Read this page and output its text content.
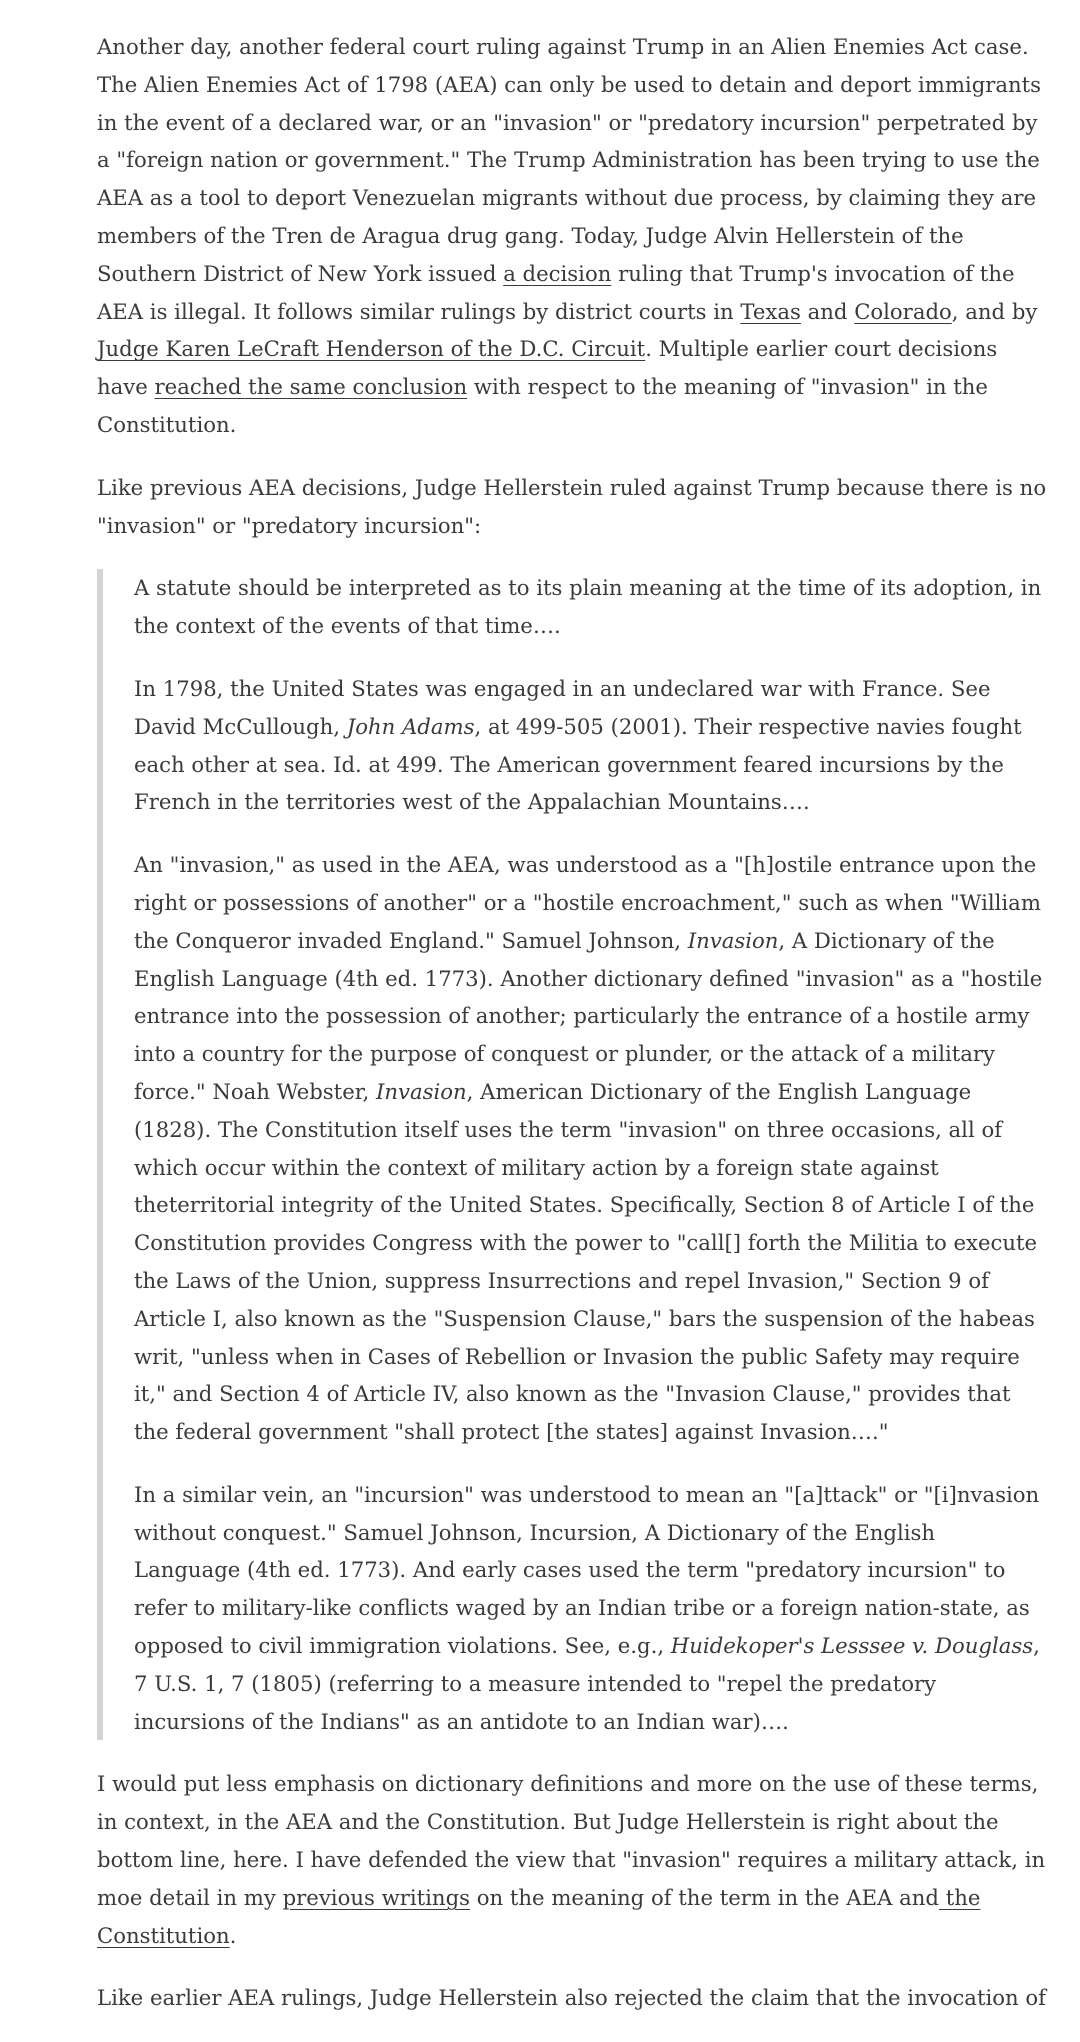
Another day, another federal court ruling against Trump in an Alien Enemies Act case. The Alien Enemies Act of 1798 (AEA) can only be used to detain and deport immigrants in the event of a declared war, or an "invasion" or "predatory incursion" perpetrated by a "foreign nation or government." The Trump Administration has been trying to use the AEA as a tool to deport Venezuelan migrants without due process, by claiming they are members of the Tren de Aragua drug gang. Today, Judge Alvin Hellerstein of the Southern District of New York issued a decision ruling that Trump's invocation of the AEA is illegal. It follows similar rulings by district courts in Texas and Colorado, and by Judge Karen LeCraft Henderson of the D.C. Circuit. Multiple earlier court decisions have reached the same conclusion with respect to the meaning of "invasion" in the Constitution.

Like previous AEA decisions, Judge Hellerstein ruled against Trump because there is no "invasion" or "predatory incursion":

A statute should be interpreted as to its plain meaning at the time of its adoption, in the context of the events of that time….

In 1798, the United States was engaged in an undeclared war with France. See David McCullough, John Adams, at 499-505 (2001). Their respective navies fought each other at sea. Id. at 499. The American government feared incursions by the French in the territories west of the Appalachian Mountains….

An "invasion," as used in the AEA, was understood as a "[h]ostile entrance upon the right or possessions of another" or a "hostile encroachment," such as when "William the Conqueror invaded England." Samuel Johnson, Invasion, A Dictionary of the English Language (4th ed. 1773). Another dictionary defined "invasion" as a "hostile entrance into the possession of another; particularly the entrance of a hostile army into a country for the purpose of conquest or plunder, or the attack of a military force." Noah Webster, Invasion, American Dictionary of the English Language (1828). The Constitution itself uses the term "invasion" on three occasions, all of which occur within the context of military action by a foreign state against theterritorial integrity of the United States. Specifically, Section 8 of Article I of the Constitution provides Congress with the power to "call[] forth the Militia to execute the Laws of the Union, suppress Insurrections and repel Invasion," Section 9 of Article I, also known as the "Suspension Clause," bars the suspension of the habeas writ, "unless when in Cases of Rebellion or Invasion the public Safety may require it," and Section 4 of Article IV, also known as the "Invasion Clause," provides that the federal government "shall protect [the states] against Invasion…."

In a similar vein, an "incursion" was understood to mean an "[a]ttack" or "[i]nvasion without conquest." Samuel Johnson, Incursion, A Dictionary of the English Language (4th ed. 1773). And early cases used the term "predatory incursion" to refer to military-like conflicts waged by an Indian tribe or a foreign nation-state, as opposed to civil immigration violations. See, e.g., Huidekoper's Lesssee v. Douglass, 7 U.S. 1, 7 (1805) (referring to a measure intended to "repel the predatory incursions of the Indians" as an antidote to an Indian war)….

I would put less emphasis on dictionary definitions and more on the use of these terms, in context, in the AEA and the Constitution. But Judge Hellerstein is right about the bottom line, here. I have defended the view that "invasion" requires a military attack, in moe detail in my previous writings on the meaning of the term in the AEA and the Constitution.

Like earlier AEA rulings, Judge Hellerstein also rejected the claim that the invocation of
